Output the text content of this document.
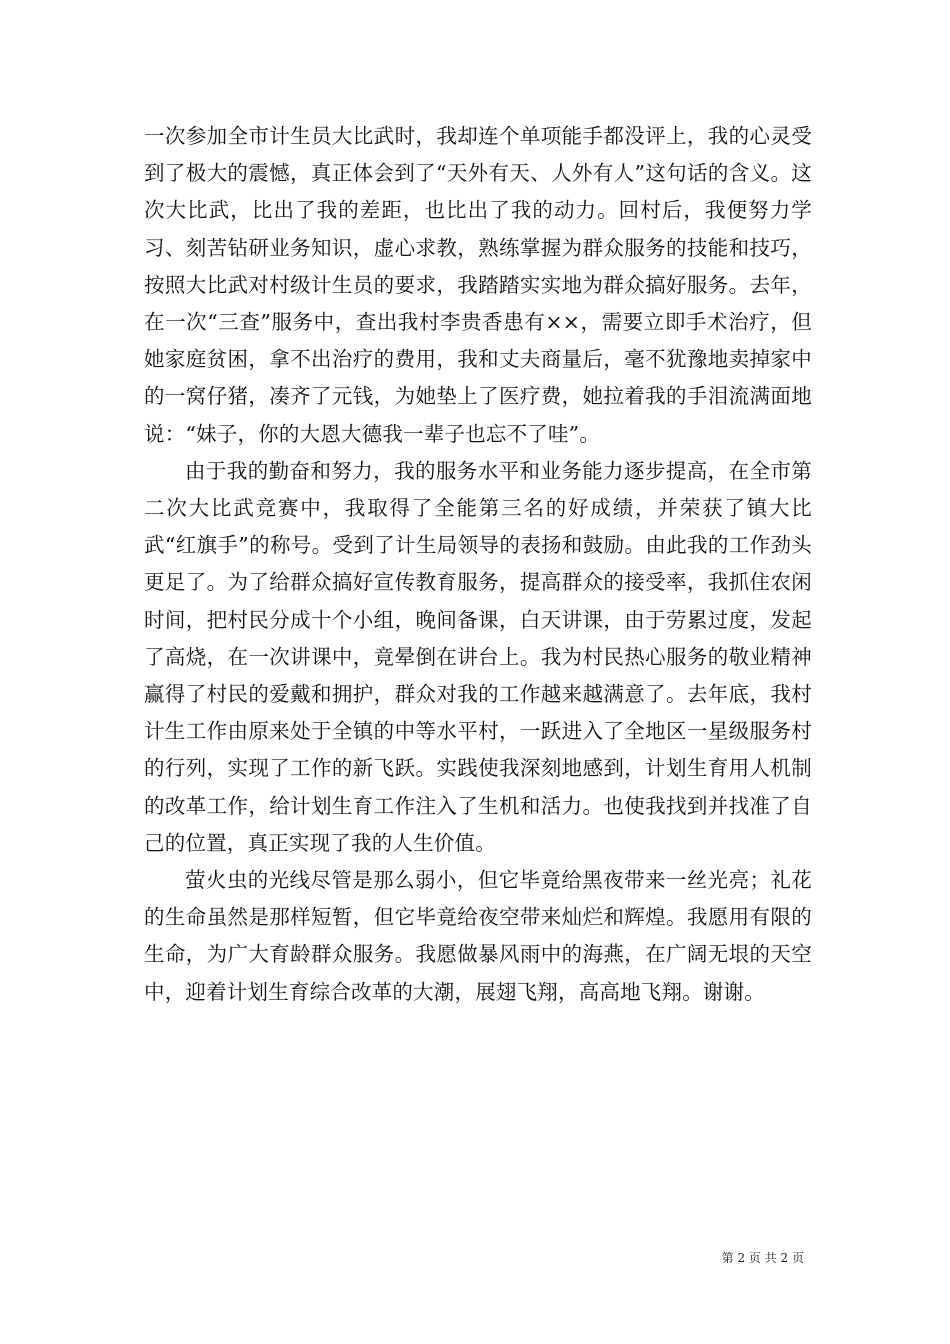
一次参加全市计生员大比武时，我却连个单项能手都没评上，我的心灵受到了极大的震憾，真正体会到了“天外有天、人外有人”这句话的含义。这次大比武，比出了我的差距，也比出了我的动力。回村后，我便努力学习、刻苦钻研业务知识，虚心求教，熟练掌握为群众服务的技能和技巧，按照大比武对村级计生员的要求，我踏踏实实地为群众搞好服务。去年，在一次“三查”服务中，查出我村李贵香患有××，需要立即手术治疗，但她家庭贫困，拿不出治疗的费用，我和丈夫商量后，毫不犹豫地卖掉家中的一窝仔猪，凑齐了元钱，为她垫上了医疗费，她拉着我的手泪流满面地说：“妹子，你的大恩大德我一辈子也忘不了哇”。

由于我的勤奋和努力，我的服务水平和业务能力逐步提高，在全市第二次大比武竞赛中，我取得了全能第三名的好成绩，并荣获了镇大比武“红旗手”的称号。受到了计生局领导的表扬和鼓励。由此我的工作劲头更足了。为了给群众搞好宣传教育服务，提高群众的接受率，我抓住农闲时间，把村民分成十个小组，晚间备课，白天讲课，由于劳累过度，发起了高烧，在一次讲课中，竟晕倒在讲台上。我为村民热心服务的敬业精神赢得了村民的爱戴和拥护，群众对我的工作越来越满意了。去年底，我村计生工作由原来处于全镇的中等水平村，一跃进入了全地区一星级服务村的行列，实现了工作的新飞跃。实践使我深刻地感到，计划生育用人机制的改革工作，给计划生育工作注入了生机和活力。也使我找到并找准了自己的位置，真正实现了我的人生价值。

萤火虫的光线尽管是那么弱小，但它毕竟给黑夜带来一丝光亮；礼花的生命虽然是那样短暂，但它毕竟给夜空带来灿烂和辉煌。我愿用有限的生命，为广大育龄群众服务。我愿做暴风雨中的海燕，在广阔无垠的天空中，迎着计划生育综合改革的大潮，展翅飞翔，高高地飞翔。谢谢。

第 2 页 共 2 页
